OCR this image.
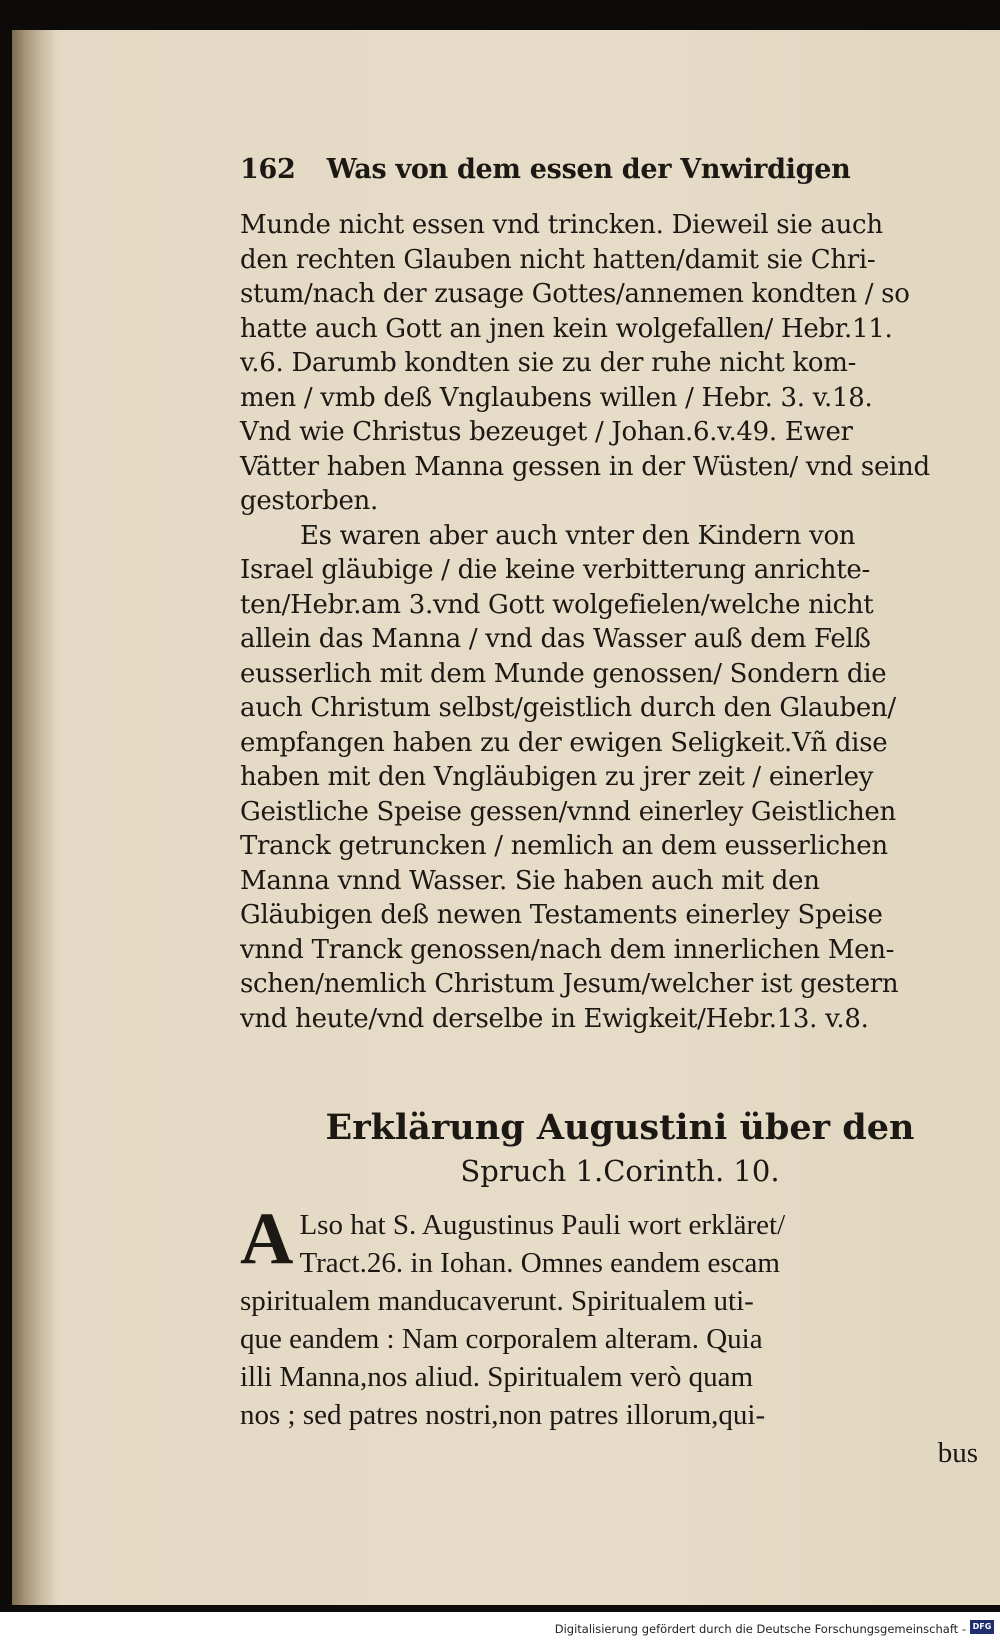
162 Was von dem essen der Vnwirdigen
Munde nicht essen vnd trincken. Dieweil sie auch
den rechten Glauben nicht hatten/damit sie Chri-
stum/nach der zusage Gottes/annemen kondten / so
hatte auch Gott an jnen kein wolgefallen/ Hebr.11.
v.6. Darumb kondten sie zu der ruhe nicht kom-
men / vmb deß Vnglaubens willen / Hebr. 3. v.18.
Vnd wie Christus bezeuget / Johan.6.v.49. Ewer
Vätter haben Manna gessen in der Wüsten/ vnd seind
gestorben.
Es waren aber auch vnter den Kindern von
Israel gläubige / die keine verbitterung anrichte-
ten/Hebr.am 3.vnd Gott wolgefielen/welche nicht
allein das Manna / vnd das Wasser auß dem Felß
eusserlich mit dem Munde genossen/ Sondern die
auch Christum selbst/geistlich durch den Glauben/
empfangen haben zu der ewigen Seligkeit.Vñ dise
haben mit den Vngläubigen zu jrer zeit / einerley
Geistliche Speise gessen/vnnd einerley Geistlichen
Tranck getruncken / nemlich an dem eusserlichen
Manna vnnd Wasser. Sie haben auch mit den
Gläubigen deß newen Testaments einerley Speise
vnnd Tranck genossen/nach dem innerlichen Men-
schen/nemlich Christum Jesum/welcher ist gestern
vnd heute/vnd derselbe in Ewigkeit/Hebr.13. v.8.
Erklärung Augustini über den
Spruch 1.Corinth. 10.
A Lso hat S. Augustinus Pauli wort erkläret/
Tract.26. in Iohan. Omnes eandem escam
spiritualem manducaverunt. Spiritualem uti-
que eandem : Nam corporalem alteram. Quia
illi Manna,nos aliud. Spiritualem verò quam
nos ; sed patres nostri,non patres illorum,qui-
bus
Digitalisierung gefördert durch die Deutsche Forschungsgemeinschaft - DFG
